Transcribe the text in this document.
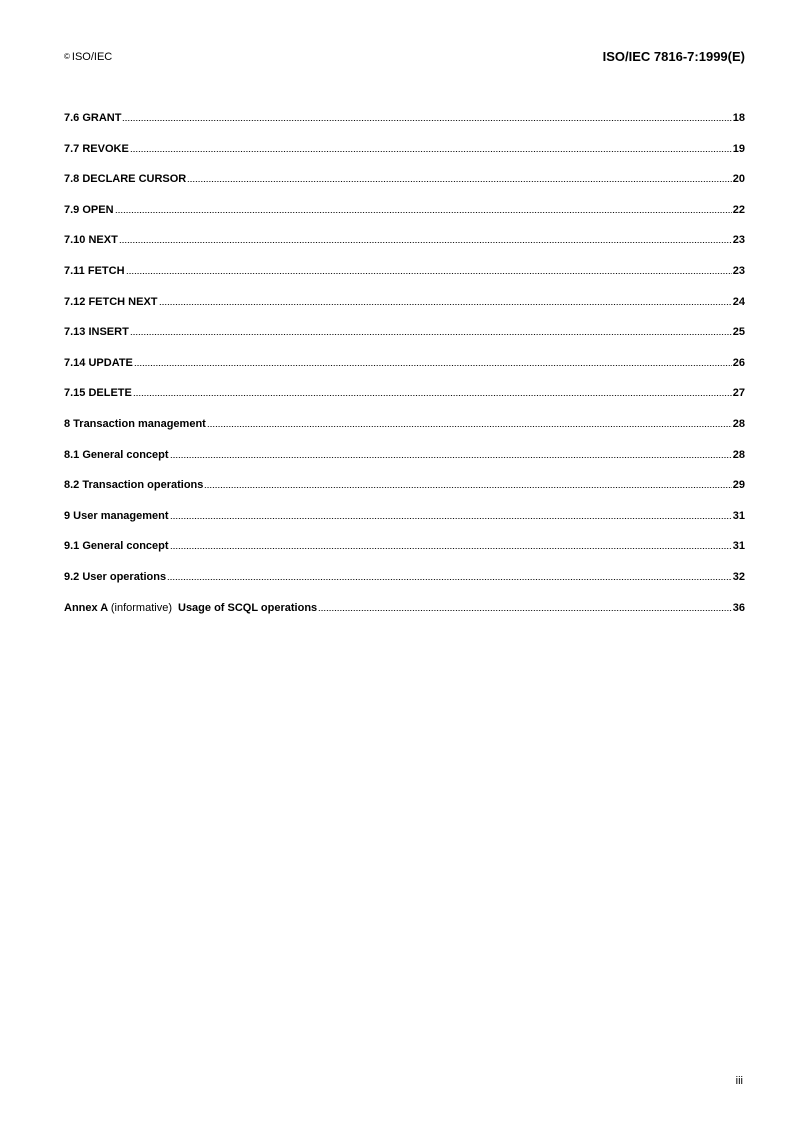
© ISO/IEC	ISO/IEC 7816-7:1999(E)
7.6 GRANT	18
7.7 REVOKE	19
7.8 DECLARE CURSOR	20
7.9 OPEN	22
7.10 NEXT	23
7.11 FETCH	23
7.12 FETCH NEXT	24
7.13 INSERT	25
7.14 UPDATE	26
7.15 DELETE	27
8 Transaction management	28
8.1 General concept	28
8.2 Transaction operations	29
9 User management	31
9.1 General concept	31
9.2 User operations	32
Annex A (informative) Usage of SCQL operations	36
iii
